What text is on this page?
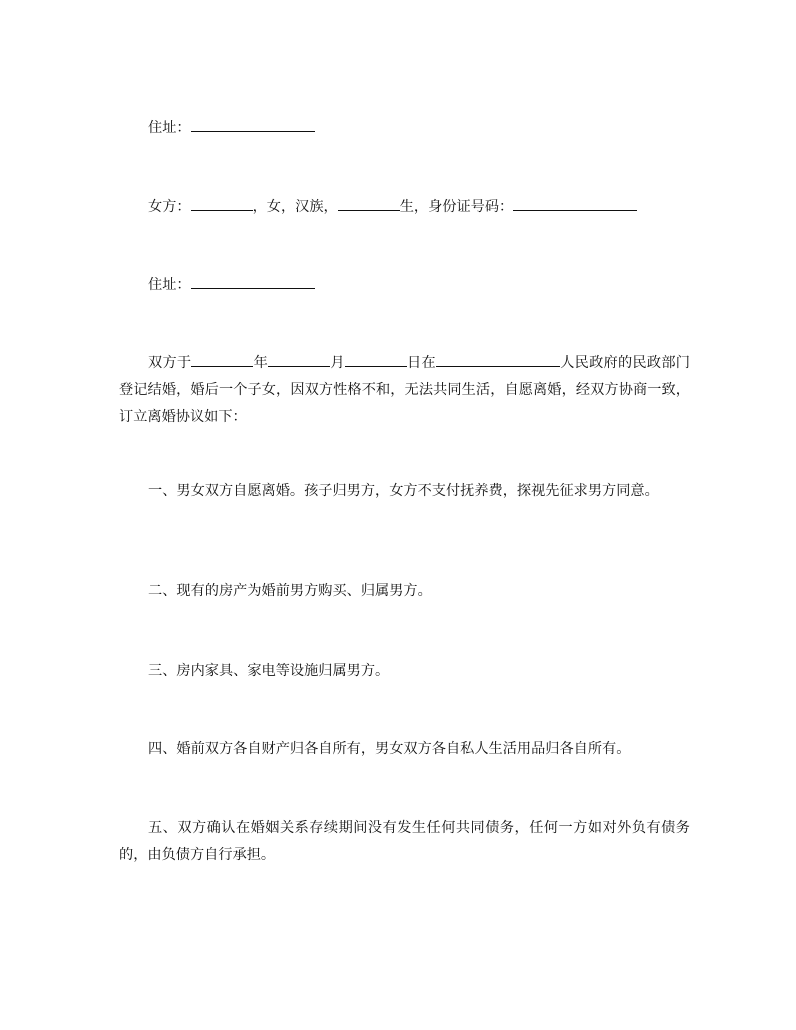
住址：

女方：	，女，汉族，	生，身份证号码：

住址：

双方于	年	月	日在	人民政府的民政部门登记结婚，婚后一个子女，因双方性格不和，无法共同生活，自愿离婚，经双方协商一致，订立离婚协议如下：

一、男女双方自愿离婚。孩子归男方，女方不支付抚养费，探视先征求男方同意。

二、现有的房产为婚前男方购买、归属男方。

三、房内家具、家电等设施归属男方。

四、婚前双方各自财产归各自所有，男女双方各自私人生活用品归各自所有。

五、双方确认在婚姻关系存续期间没有发生任何共同债务，任何一方如对外负有债务的，由负债方自行承担。
